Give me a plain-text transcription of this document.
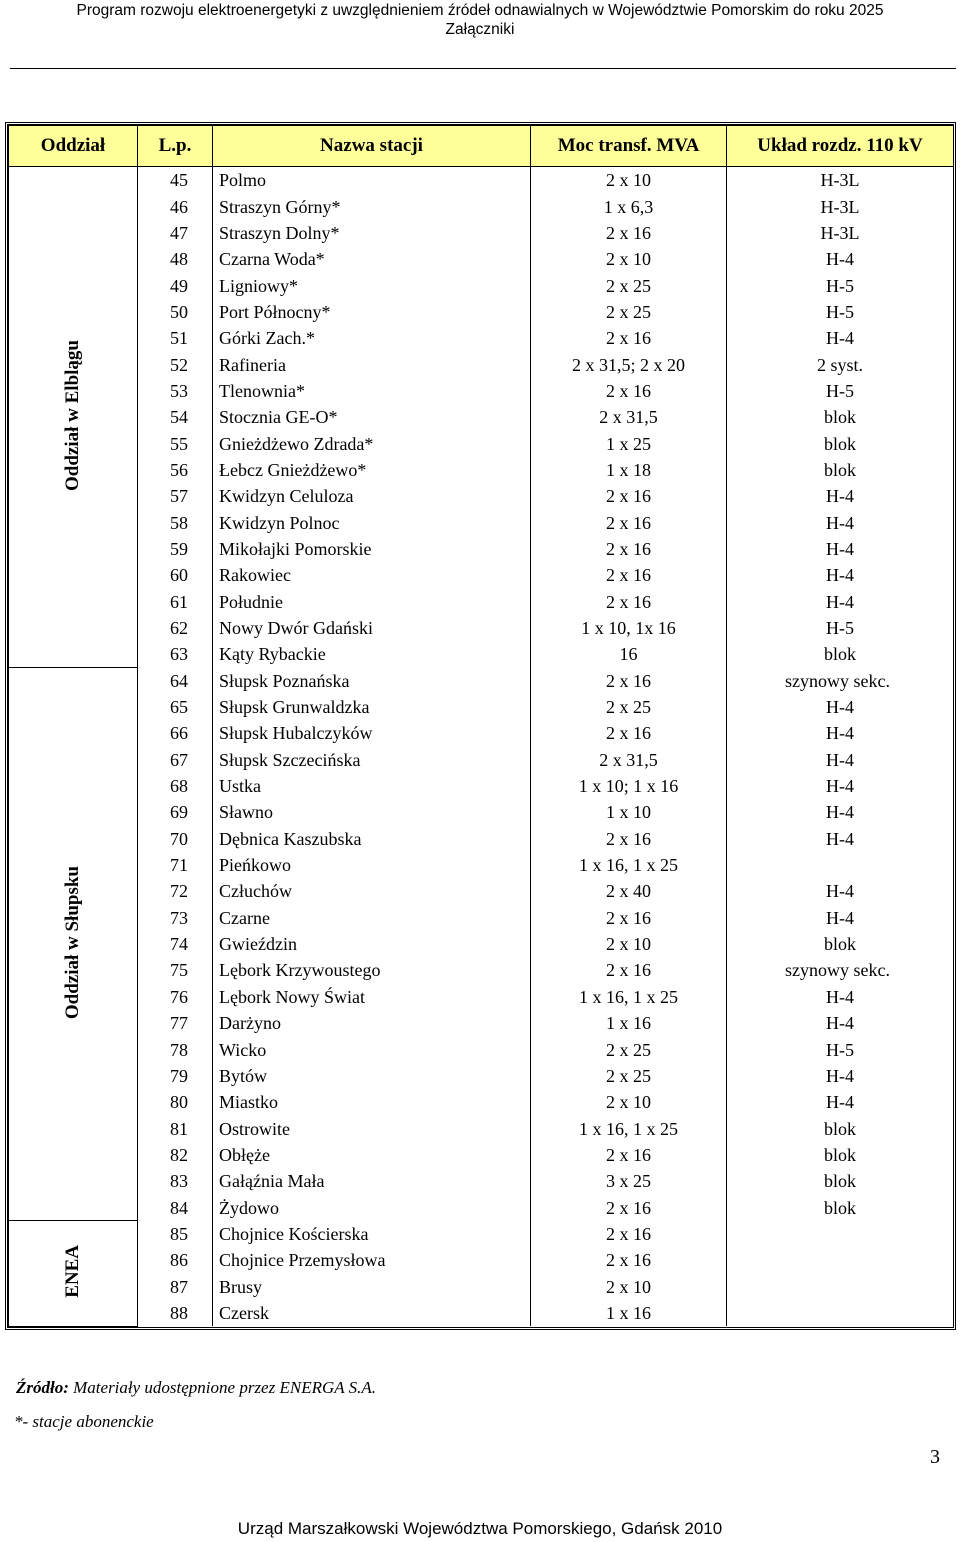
Program rozwoju elektroenergetyki z uwzględnieniem źródeł odnawialnych w Województwie Pomorskim do roku 2025
Załączniki
Oddział	L.p.	Nazwa stacji	Moc transf. MVA	Układ rozdz. 110 kV
Oddział w Elblągu	45	Polmo	2 x 10	H-3L
	46	Straszyn Górny*	1 x 6,3	H-3L
	47	Straszyn Dolny*	2 x 16	H-3L
	48	Czarna Woda*	2 x 10	H-4
	49	Ligniowy*	2 x 25	H-5
	50	Port Północny*	2 x 25	H-5
	51	Górki Zach.*	2 x 16	H-4
	52	Rafineria	2 x 31,5; 2 x 20	2 syst.
	53	Tlenownia*	2 x 16	H-5
	54	Stocznia GE-O*	2 x 31,5	blok
	55	Gnieżdżewo Zdrada*	1 x 25	blok
	56	Łebcz Gnieżdżewo*	1 x 18	blok
	57	Kwidzyn Celuloza	2 x 16	H-4
	58	Kwidzyn Polnoc	2 x 16	H-4
	59	Mikołajki Pomorskie	2 x 16	H-4
	60	Rakowiec	2 x 16	H-4
	61	Południe	2 x 16	H-4
	62	Nowy Dwór Gdański	1 x 10, 1x 16	H-5
	63	Kąty Rybackie	16	blok
Oddział w Słupsku	64	Słupsk Poznańska	2 x 16	szynowy sekc.
	65	Słupsk Grunwaldzka	2 x 25	H-4
	66	Słupsk Hubalczyków	2 x 16	H-4
	67	Słupsk Szczecińska	2 x 31,5	H-4
	68	Ustka	1 x 10; 1 x 16	H-4
	69	Sławno	1 x 10	H-4
	70	Dębnica Kaszubska	2 x 16	H-4
	71	Pieńkowo	1 x 16, 1 x 25	
	72	Człuchów	2 x 40	H-4
	73	Czarne	2 x 16	H-4
	74	Gwieździn	2 x 10	blok
	75	Lębork Krzywoustego	2 x 16	szynowy sekc.
	76	Lębork Nowy Świat	1 x 16, 1 x 25	H-4
	77	Darżyno	1 x 16	H-4
	78	Wicko	2 x 25	H-5
	79	Bytów	2 x 25	H-4
	80	Miastko	2 x 10	H-4
	81	Ostrowite	1 x 16, 1 x 25	blok
	82	Obłęże	2 x 16	blok
	83	Gałąźnia Mała	3 x 25	blok
	84	Żydowo	2 x 16	blok
ENEA	85	Chojnice Kościerska	2 x 16	
	86	Chojnice Przemysłowa	2 x 16	
	87	Brusy	2 x 10	
	88	Czersk	1 x 16	
Źródło: Materiały udostępnione przez ENERGA S.A.
*- stacje abonenckie
3
Urząd Marszałkowski Województwa Pomorskiego, Gdańsk 2010
